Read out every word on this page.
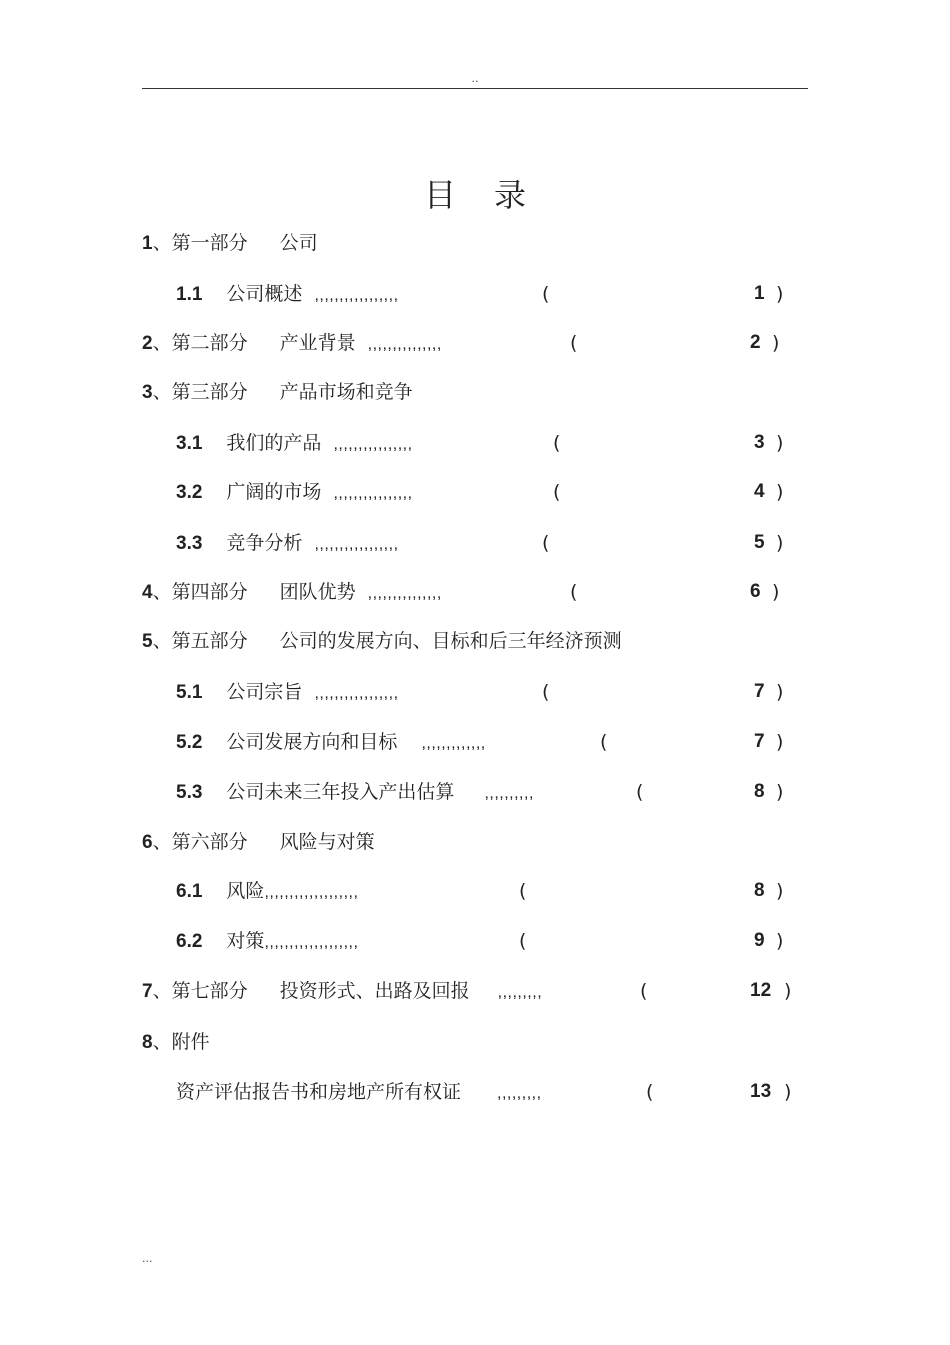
..
目录
1、第一部分 公司
1.1 公司概述 ,,,,,,,,,,,,,,,,,	(	1 )
2、第二部分 产业背景 ,,,,,,,,,,,,,,,	(	2 )
3、第三部分 产品市场和竞争
3.1 我们的产品 ,,,,,,,,,,,,,,,,	(	3 )
3.2 广阔的市场 ,,,,,,,,,,,,,,,,	(	4 )
3.3 竞争分析 ,,,,,,,,,,,,,,,,,	(	5 )
4、第四部分 团队优势 ,,,,,,,,,,,,,,,	(	6 )
5、第五部分 公司的发展方向、目标和后三年经济预测
5.1 公司宗旨 ,,,,,,,,,,,,,,,,,	(	7 )
5.2 公司发展方向和目标 ,,,,,,,,,,,,,	(	7 )
5.3 公司未来三年投入产出估算 ,,,,,,,,,,	(	8 )
6、第六部分 风险与对策
6.1 风险,,,,,,,,,,,,,,,,,,,	(	8 )
6.2 对策,,,,,,,,,,,,,,,,,,,	(	9 )
7、第七部分 投资形式、出路及回报 ,,,,,,,,,	(	12 )
8、附件
资产评估报告书和房地产所有权证 ,,,,,,,,,	(	13 )
...
